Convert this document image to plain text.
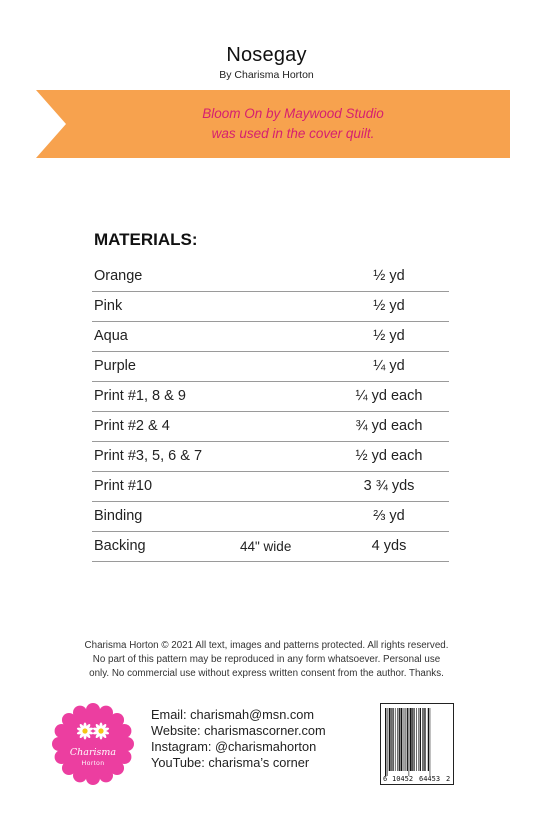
Nosegay
By Charisma Horton
Bloom On by Maywood Studio
was used in the cover quilt.
MATERIALS:
Orange	½ yd
Pink	½ yd
Aqua	½ yd
Purple	¼ yd
Print #1, 8 & 9	¼ yd each
Print #2 & 4	¾ yd each
Print #3, 5, 6 & 7	½ yd each
Print #10	3 ¾ yds
Binding	⅔ yd
Backing	44" wide	4 yds
Charisma Horton © 2021 All text, images and patterns protected. All rights reserved.
No part of this pattern may be reproduced in any form whatsoever. Personal use
only. No commercial use without express written consent from the author. Thanks.
Charisma
Horton
Email: charismah@msn.com
Website: charismascorner.com
Instagram: @charismahorton
YouTube: charisma’s corner
6 10452 64453 2
